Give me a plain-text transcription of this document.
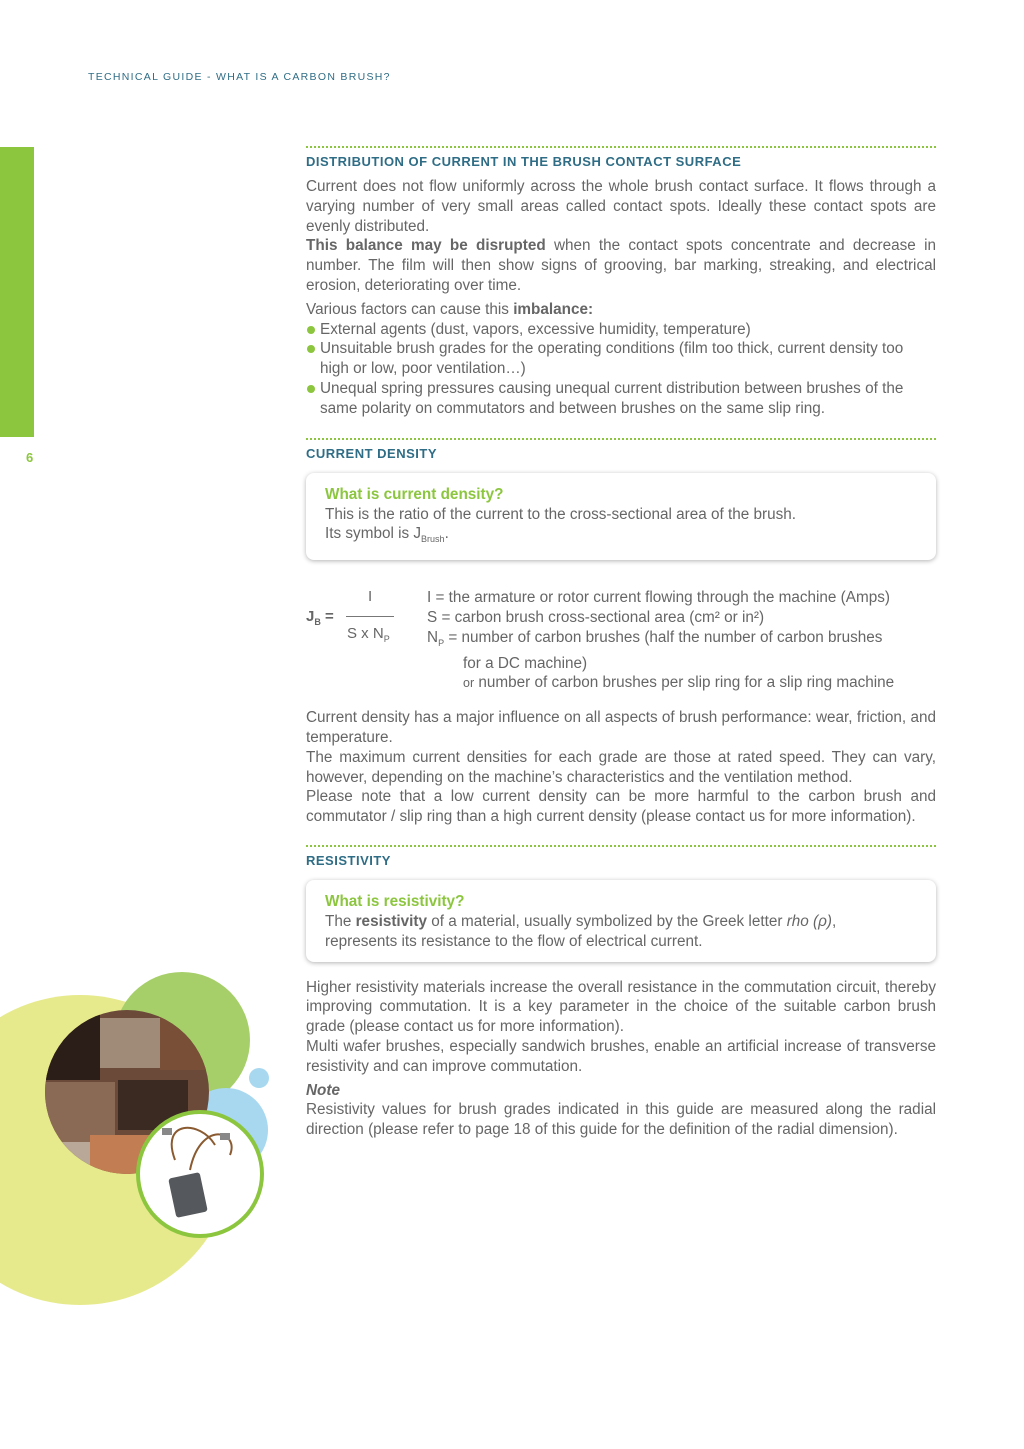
TECHNICAL GUIDE - WHAT IS A CARBON BRUSH?
6
DISTRIBUTION OF CURRENT IN THE BRUSH CONTACT SURFACE

Current does not flow uniformly across the whole brush contact surface. It flows through a varying number of very small areas called contact spots. Ideally these contact spots are evenly distributed.

This balance may be disrupted when the contact spots concentrate and decrease in number. The film will then show signs of grooving, bar marking, streaking, and electrical erosion, deteriorating over time.

Various factors can cause this imbalance:

External agents (dust, vapors, excessive humidity, temperature)
Unsuitable brush grades for the operating conditions (film too thick, current density too high or low, poor ventilation…)
Unequal spring pressures causing unequal current distribution between brushes of the same polarity on commutators and between brushes on the same slip ring.
CURRENT DENSITY
What is current density?

This is the ratio of the current to the cross-sectional area of the brush.

Its symbol is $J_{Brush}$.

$J_B$ =
I
S x $N_P$
I = the armature or rotor current flowing through the machine (Amps)
S = carbon brush cross-sectional area (cm² or in²)
$N_P$ = number of carbon brushes (half the number of carbon brushes
for a DC machine)
or number of carbon brushes per slip ring for a slip ring machine

Current density has a major influence on all aspects of brush performance: wear, friction, and temperature.

The maximum current densities for each grade are those at rated speed. They can vary, however, depending on the machine’s characteristics and the ventilation method.

Please note that a low current density can be more harmful to the carbon brush and commutator / slip ring than a high current density (please contact us for more information).

RESISTIVITY
What is resistivity?

The resistivity of a material, usually symbolized by the Greek letter rho (ρ),

represents its resistance to the flow of electrical current.

Higher resistivity materials increase the overall resistance in the commutation circuit, thereby improving commutation. It is a key parameter in the choice of the suitable carbon brush grade (please contact us for more information).

Multi wafer brushes, especially sandwich brushes, enable an artificial increase of transverse resistivity and can improve commutation.

Note

Resistivity values for brush grades indicated in this guide are measured along the radial direction (please refer to page 18 of this guide for the definition of the radial dimension).
